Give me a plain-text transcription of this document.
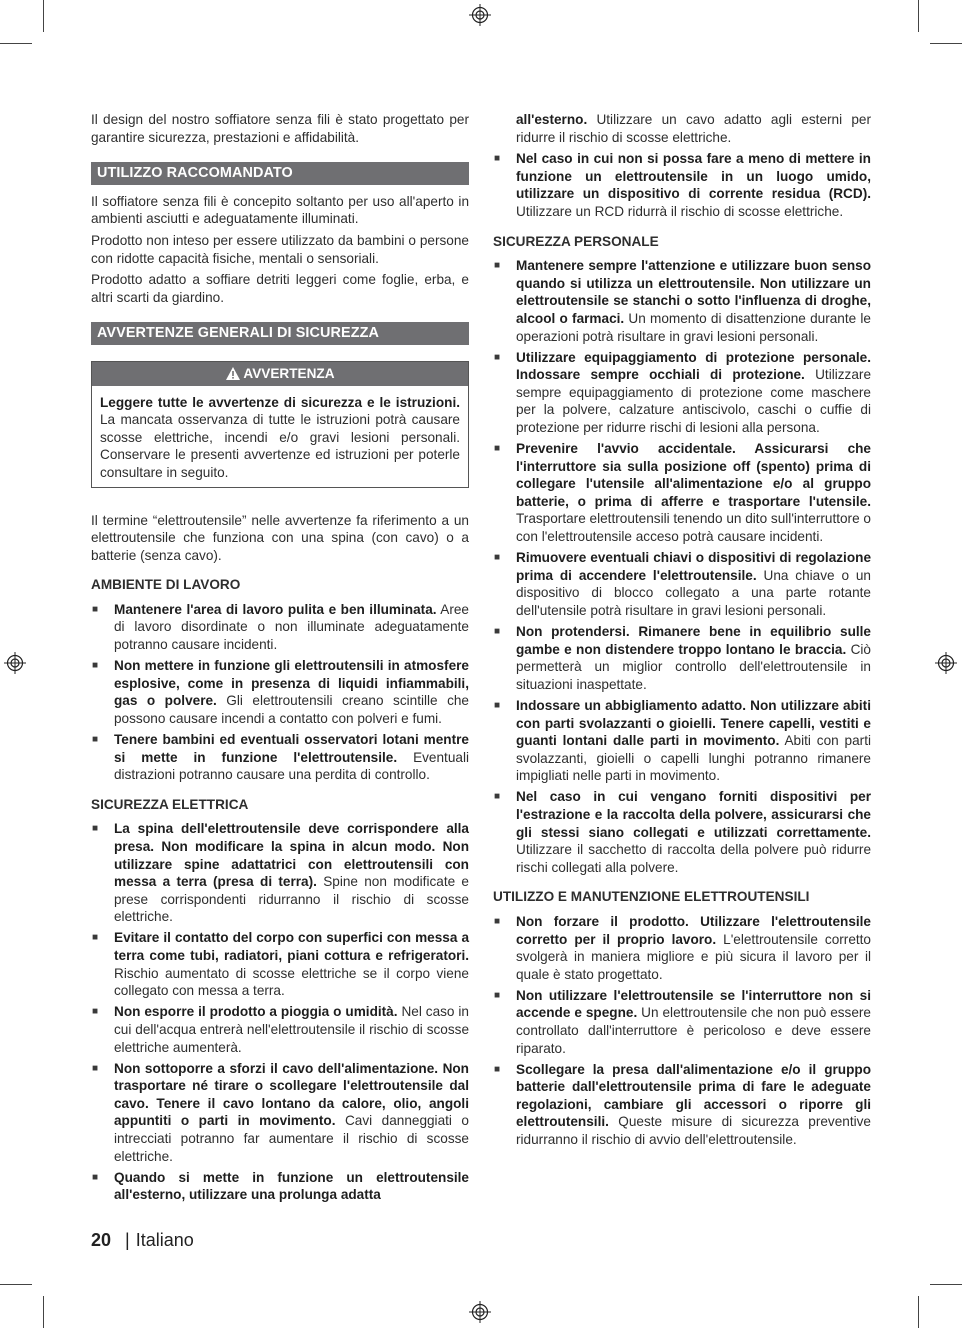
Il design del nostro soffiatore senza fili è stato progettato per garantire sicurezza, prestazioni e affidabilità.

UTILIZZO RACCOMANDATO

Il soffiatore senza fili è concepito soltanto per uso all'aperto in ambienti asciutti e adeguatamente illuminati.

Prodotto non inteso per essere utilizzato da bambini o persone con ridotte capacità fisiche, mentali o sensoriali.

Prodotto adatto a soffiare detriti leggeri come foglie, erba, e altri scarti da giardino.

AVVERTENZE GENERALI DI SICUREZZA
AVVERTENZA
Leggere tutte le avvertenze di sicurezza e le istruzioni. La mancata osservanza di tutte le istruzioni potrà causare scosse elettriche, incendi e/o gravi lesioni personali. Conservare le presenti avvertenze ed istruzioni per poterle consultare in seguito.

Il termine “elettroutensile” nelle avvertenze fa riferimento a un elettroutensile che funziona con una spina (con cavo) o a batterie (senza cavo).

AMBIENTE DI LAVORO
■ Mantenere l'area di lavoro pulita e ben illuminata. Aree di lavoro disordinate o non illuminate adeguatamente potranno causare incidenti.
■ Non mettere in funzione gli elettroutensili in atmosfere esplosive, come in presenza di liquidi infiammabili, gas o polvere. Gli elettroutensili creano scintille che possono causare incendi a contatto con polveri e fumi.
■ Tenere bambini ed eventuali osservatori lotani mentre si mette in funzione l'elettroutensile. Eventuali distrazioni potranno causare una perdita di controllo.
SICUREZZA ELETTRICA
■ La spina dell'elettroutensile deve corrispondere alla presa. Non modificare la spina in alcun modo. Non utilizzare spine adattatrici con elettroutensili con messa a terra (presa di terra). Spine non modificate e prese corrispondenti ridurranno il rischio di scosse elettriche.
■ Evitare il contatto del corpo con superfici con messa a terra come tubi, radiatori, piani cottura e refrigeratori. Rischio aumentato di scosse elettriche se il corpo viene collegato con messa a terra.
■ Non esporre il prodotto a pioggia o umidità. Nel caso in cui dell'acqua entrerà nell'elettroutensile il rischio di scosse elettriche aumenterà.
■ Non sottoporre a sforzi il cavo dell'alimentazione. Non trasportare né tirare o scollegare l'elettroutensile dal cavo. Tenere il cavo lontano da calore, olio, angoli appuntiti o parti in movimento. Cavi danneggiati o intrecciati potranno far aumentare il rischio di scosse elettriche.
■ Quando si mette in funzione un elettroutensile all'esterno, utilizzare una prolunga adatta
all'esterno. Utilizzare un cavo adatto agli esterni per ridurre il rischio di scosse elettriche.
■ Nel caso in cui non si possa fare a meno di mettere in funzione un elettroutensile in un luogo umido, utilizzare un dispositivo di corrente residua (RCD). Utilizzare un RCD ridurrà il rischio di scosse elettriche.
SICUREZZA PERSONALE
■ Mantenere sempre l'attenzione e utilizzare buon senso quando si utilizza un elettroutensile. Non utilizzare un elettroutensile se stanchi o sotto l'influenza di droghe, alcool o farmaci. Un momento di disattenzione durante le operazioni potrà risultare in gravi lesioni personali.
■ Utilizzare equipaggiamento di protezione personale. Indossare sempre occhiali di protezione. Utilizzare sempre equipaggiamento di protezione come maschere per la polvere, calzature antiscivolo, caschi o cuffie di protezione per ridurre rischi di lesioni alla persona.
■ Prevenire l'avvio accidentale. Assicurarsi che l'interruttore sia sulla posizione off (spento) prima di collegare l'utensile all'alimentazione e/o al gruppo batterie, o prima di afferre e trasportare l'utensile. Trasportare elettroutensili tenendo un dito sull'interruttore o con l'elettroutensile acceso potrà causare incidenti.
■ Rimuovere eventuali chiavi o dispositivi di regolazione prima di accendere l'elettroutensile. Una chiave o un dispositivo di blocco collegato a una parte rotante dell'utensile potrà risultare in gravi lesioni personali.
■ Non protendersi. Rimanere bene in equilibrio sulle gambe e non distendere troppo lontano le braccia. Ciò permetterà un miglior controllo dell'elettroutensile in situazioni inaspettate.
■ Indossare un abbigliamento adatto. Non utilizzare abiti con parti svolazzanti o gioielli. Tenere capelli, vestiti e guanti lontani dalle parti in movimento. Abiti con parti svolazzanti, gioielli o capelli lunghi potranno rimanere impigliati nelle parti in movimento.
■ Nel caso in cui vengano forniti dispositivi per l'estrazione e la raccolta della polvere, assicurarsi che gli stessi siano collegati e utilizzati correttamente. Utilizzare il sacchetto di raccolta della polvere può ridurre rischi collegati alla polvere.
UTILIZZO E MANUTENZIONE ELETTROUTENSILI
■ Non forzare il prodotto. Utilizzare l'elettroutensile corretto per il proprio lavoro. L'elettroutensile corretto svolgerà in maniera migliore e più sicura il lavoro per il quale è stato progettato.
■ Non utilizzare l'elettroutensile se l'interruttore non si accende e spegne. Un elettroutensile che non può essere controllato dall'interruttore è pericoloso e deve essere riparato.
■ Scollegare la presa dall'alimentazione e/o il gruppo batterie dall'elettroutensile prima di fare le adeguate regolazioni, cambiare gli accessori o riporre gli elettroutensili. Queste misure di sicurezza preventive ridurranno il rischio di avvio dell'elettroutensile.
20 | Italiano
